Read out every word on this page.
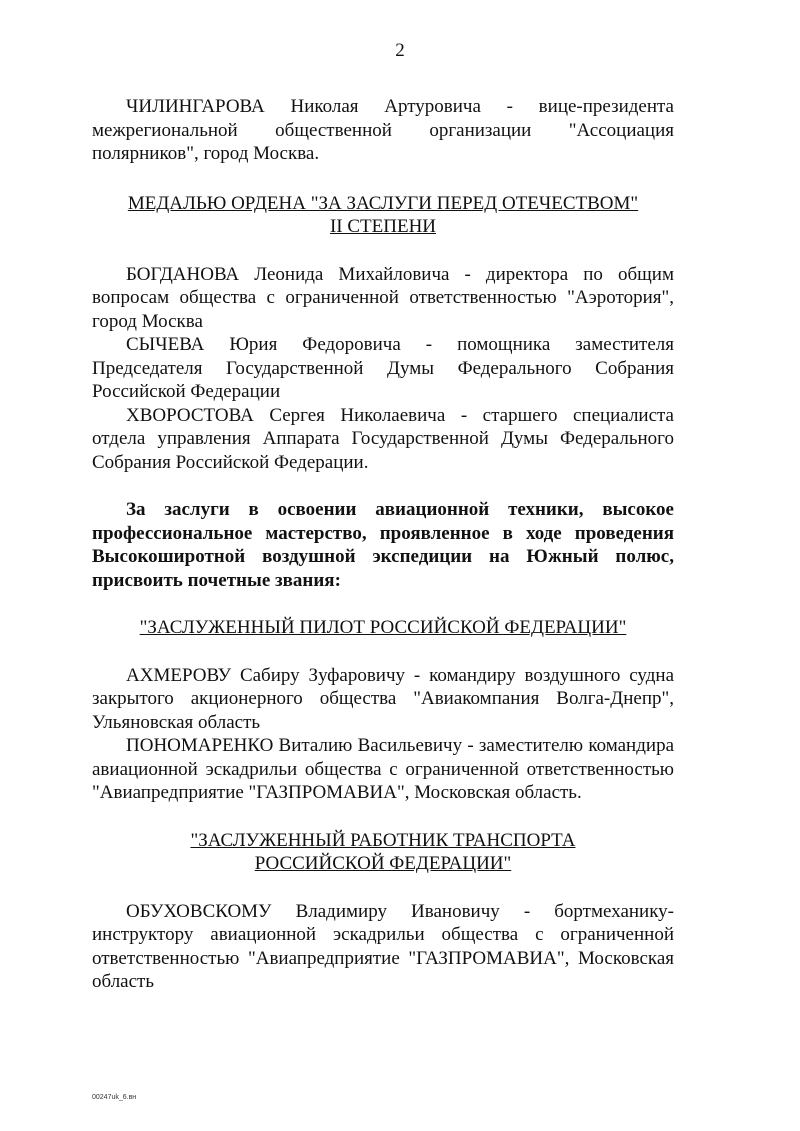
2

ЧИЛИНГАРОВА Николая Артуровича - вице-президента межрегиональной общественной организации "Ассоциация полярников", город Москва.

МЕДАЛЬЮ ОРДЕНА "ЗА ЗАСЛУГИ ПЕРЕД ОТЕЧЕСТВОМ"
II СТЕПЕНИ

БОГДАНОВА Леонида Михайловича - директора по общим вопросам общества с ограниченной ответственностью "Аэротория", город Москва

СЫЧЕВА Юрия Федоровича - помощника заместителя Председателя Государственной Думы Федерального Собрания Российской Федерации

ХВОРОСТОВА Сергея Николаевича - старшего специалиста отдела управления Аппарата Государственной Думы Федерального Собрания Российской Федерации.

За заслуги в освоении авиационной техники, высокое профессиональное мастерство, проявленное в ходе проведения Высокоширотной воздушной экспедиции на Южный полюс, присвоить почетные звания:

"ЗАСЛУЖЕННЫЙ ПИЛОТ РОССИЙСКОЙ ФЕДЕРАЦИИ"

АХМЕРОВУ Сабиру Зуфаровичу - командиру воздушного судна закрытого акционерного общества "Авиакомпания Волга-Днепр", Ульяновская область

ПОНОМАРЕНКО Виталию Васильевичу - заместителю командира авиационной эскадрильи общества с ограниченной ответственностью "Авиапредприятие "ГАЗПРОМАВИА", Московская область.

"ЗАСЛУЖЕННЫЙ РАБОТНИК ТРАНСПОРТА
РОССИЙСКОЙ ФЕДЕРАЦИИ"

ОБУХОВСКОМУ Владимиру Ивановичу - бортмеханику-инструктору авиационной эскадрильи общества с ограниченной ответственностью "Авиапредприятие "ГАЗПРОМАВИА", Московская область

00247uk_6.вн
